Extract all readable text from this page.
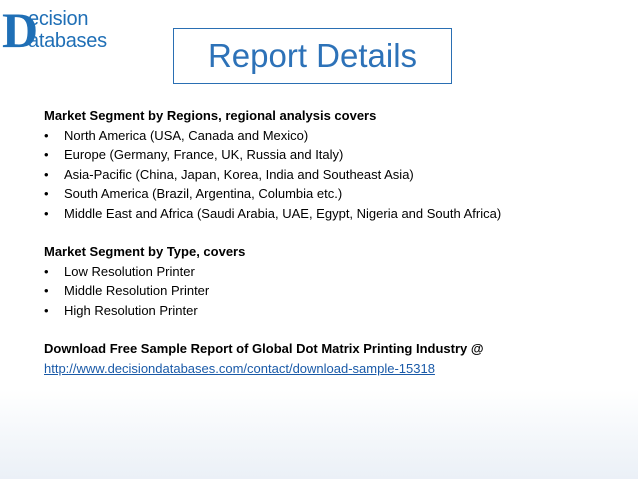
D
ecision
atabases	Report Details
Market Segment by Regions, regional analysis covers
•	North America (USA, Canada and Mexico)
•	Europe (Germany, France, UK, Russia and Italy)
•	Asia-Pacific (China, Japan, Korea, India and Southeast Asia)
•	South America (Brazil, Argentina, Columbia etc.)
•	Middle East and Africa (Saudi Arabia, UAE, Egypt, Nigeria and South Africa)
Market Segment by Type, covers
•	Low Resolution Printer
•	Middle Resolution Printer
•	High Resolution Printer
Download Free Sample Report of Global Dot Matrix Printing Industry @
http://www.decisiondatabases.com/contact/download-sample-15318
